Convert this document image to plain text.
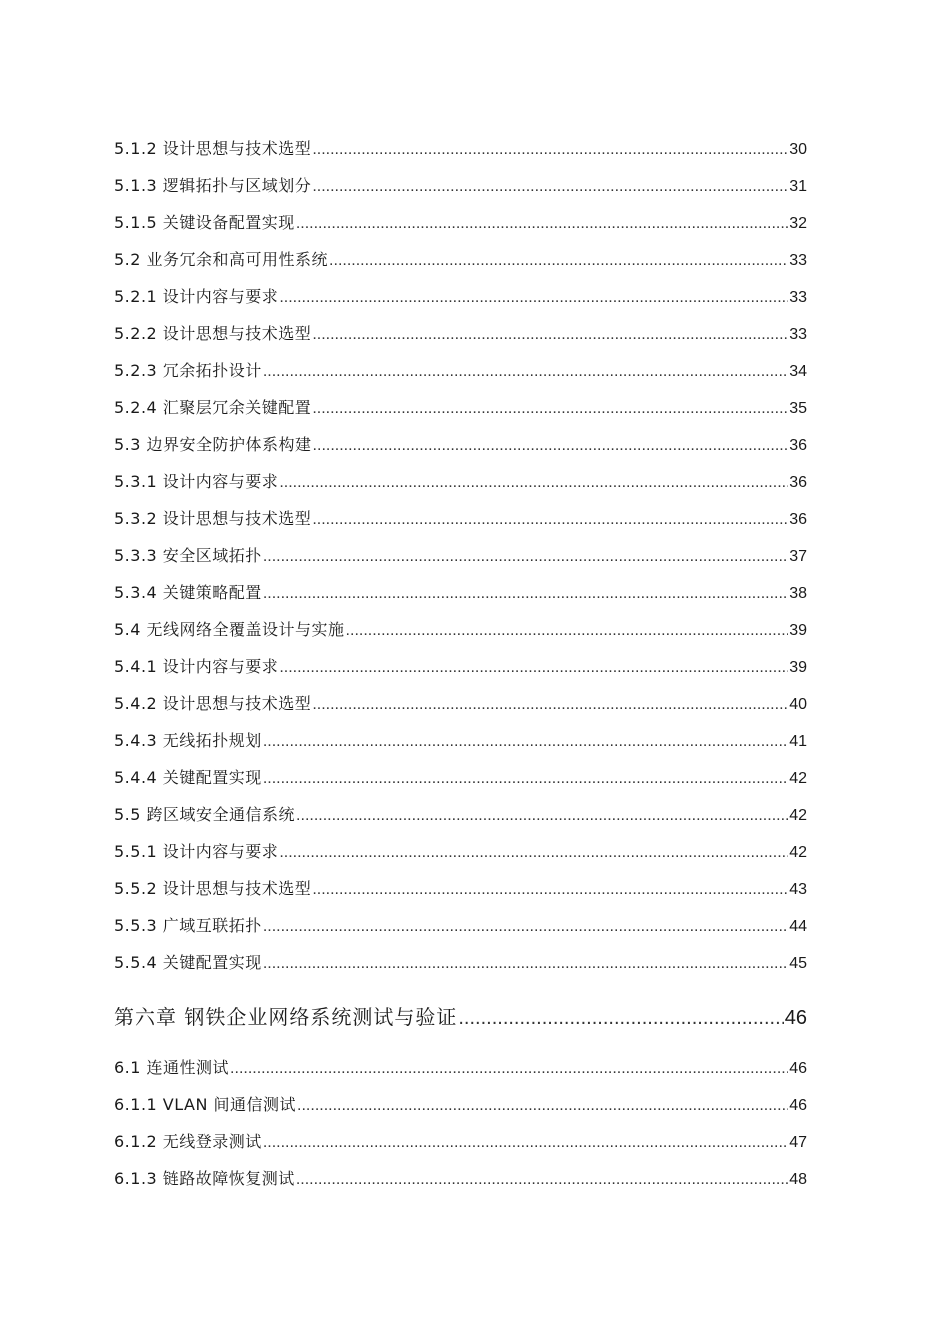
5.1.2 设计思想与技术选型 .....	30
5.1.3 逻辑拓扑与区域划分 .....	31
5.1.5 关键设备配置实现 .....	32
5.2 业务冗余和高可用性系统 .....	33
5.2.1 设计内容与要求 .....	33
5.2.2 设计思想与技术选型 .....	33
5.2.3 冗余拓扑设计 .....	34
5.2.4 汇聚层冗余关键配置 .....	35
5.3 边界安全防护体系构建 .....	36
5.3.1 设计内容与要求 .....	36
5.3.2 设计思想与技术选型 .....	36
5.3.3 安全区域拓扑 .....	37
5.3.4 关键策略配置 .....	38
5.4 无线网络全覆盖设计与实施 .....	39
5.4.1 设计内容与要求 .....	39
5.4.2 设计思想与技术选型 .....	40
5.4.3 无线拓扑规划 .....	41
5.4.4 关键配置实现 .....	42
5.5 跨区域安全通信系统 .....	42
5.5.1 设计内容与要求 .....	42
5.5.2 设计思想与技术选型 .....	43
5.5.3 广域互联拓扑 .....	44
5.5.4 关键配置实现 .....	45
第六章 钢铁企业网络系统测试与验证 .....	46
6.1 连通性测试 .....	46
6.1.1 VLAN 间通信测试 .....	46
6.1.2 无线登录测试 .....	47
6.1.3 链路故障恢复测试 .....	48
